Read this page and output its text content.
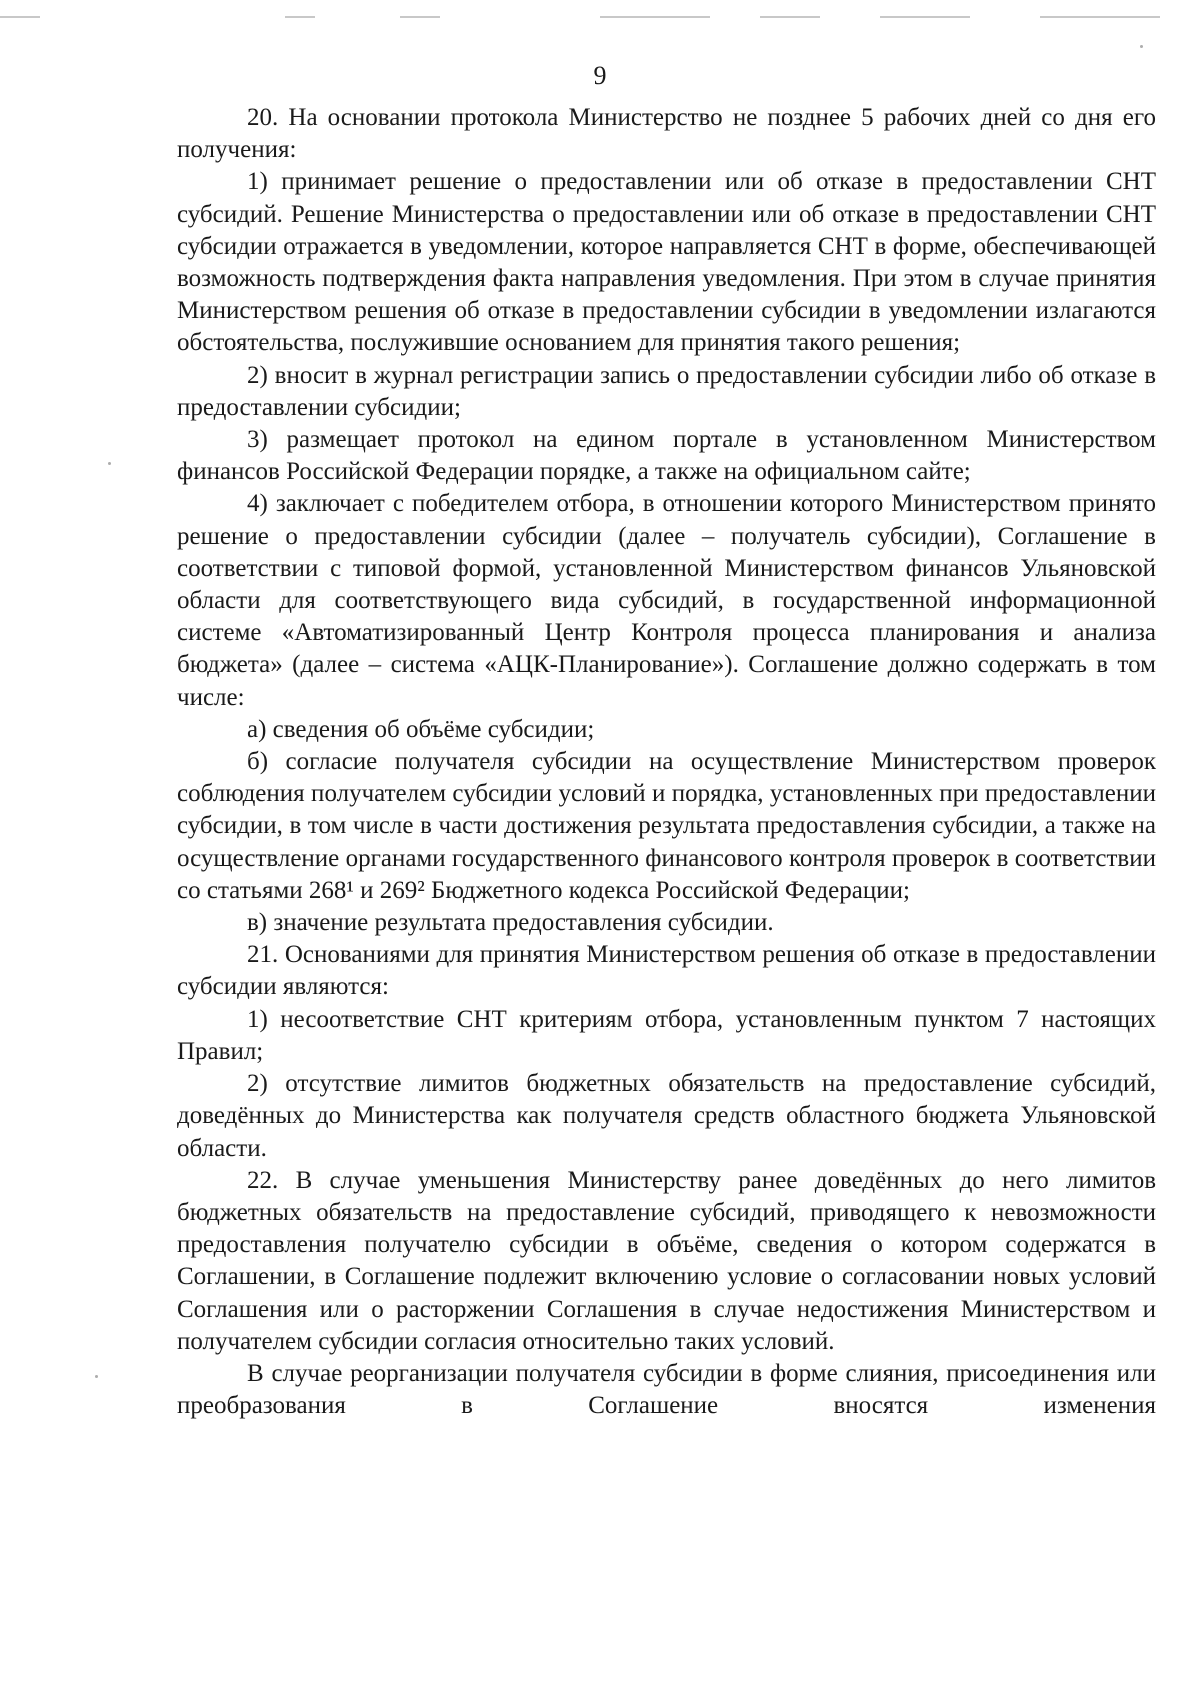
9

20. На основании протокола Министерство не позднее 5 рабочих дней со дня его получения:

1) принимает решение о предоставлении или об отказе в предоставлении СНТ субсидий. Решение Министерства о предоставлении или об отказе в предоставлении СНТ субсидии отражается в уведомлении, которое направляется СНТ в форме, обеспечивающей возможность подтверждения факта направления уведомления. При этом в случае принятия Министерством решения об отказе в предоставлении субсидии в уведомлении излагаются обстоятельства, послужившие основанием для принятия такого решения;

2) вносит в журнал регистрации запись о предоставлении субсидии либо об отказе в предоставлении субсидии;

3) размещает протокол на едином портале в установленном Министерством финансов Российской Федерации порядке, а также на официальном сайте;

4) заключает с победителем отбора, в отношении которого Министерством принято решение о предоставлении субсидии (далее – получатель субсидии), Соглашение в соответствии с типовой формой, установленной Министерством финансов Ульяновской области для соответствующего вида субсидий, в государственной информационной системе «Автоматизированный Центр Контроля процесса планирования и анализа бюджета» (далее – система «АЦК-Планирование»). Соглашение должно содержать в том числе:

а) сведения об объёме субсидии;

б) согласие получателя субсидии на осуществление Министерством проверок соблюдения получателем субсидии условий и порядка, установленных при предоставлении субсидии, в том числе в части достижения результата предоставления субсидии, а также на осуществление органами государственного финансового контроля проверок в соответствии со статьями 268¹ и 269² Бюджетного кодекса Российской Федерации;

в) значение результата предоставления субсидии.

21. Основаниями для принятия Министерством решения об отказе в предоставлении субсидии являются:

1) несоответствие СНТ критериям отбора, установленным пунктом 7 настоящих Правил;

2) отсутствие лимитов бюджетных обязательств на предоставление субсидий, доведённых до Министерства как получателя средств областного бюджета Ульяновской области.

22. В случае уменьшения Министерству ранее доведённых до него лимитов бюджетных обязательств на предоставление субсидий, приводящего к невозможности предоставления получателю субсидии в объёме, сведения о котором содержатся в Соглашении, в Соглашение подлежит включению условие о согласовании новых условий Соглашения или о расторжении Соглашения в случае недостижения Министерством и получателем субсидии согласия относительно таких условий.

В случае реорганизации получателя субсидии в форме слияния, присоединения или преобразования в Соглашение вносятся изменения
